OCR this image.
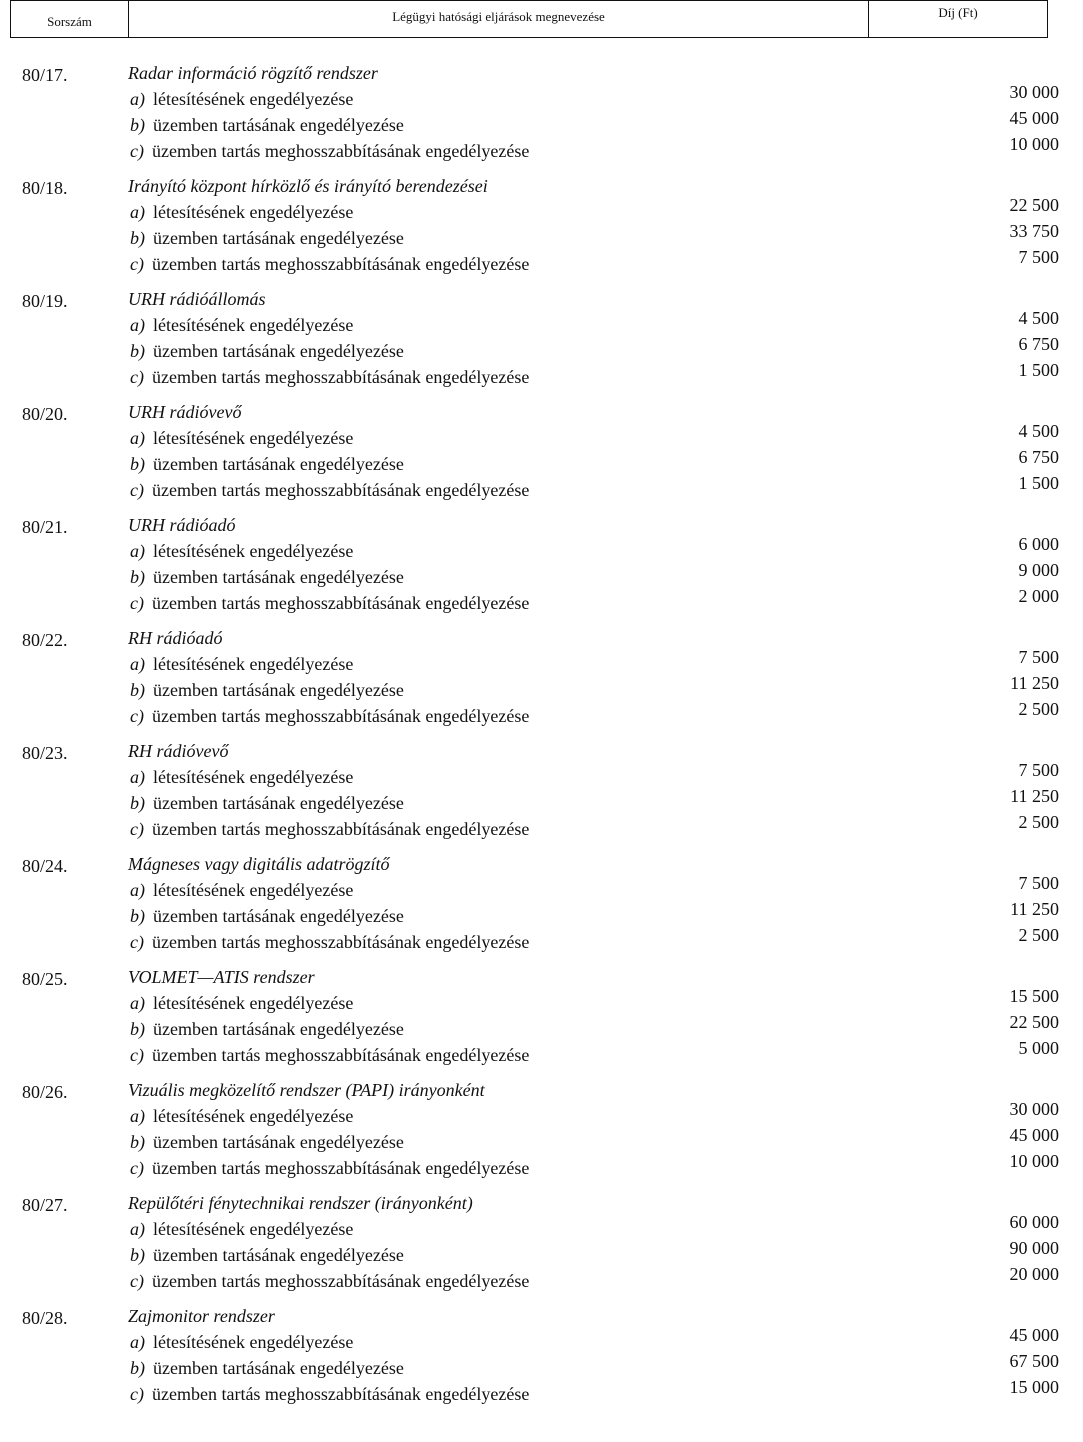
Sorszám	Légügyi hatósági eljárások megnevezése	Díj (Ft)
80/17.	Radar információ rögzítő rendszer
a) létesítésének engedélyezése	30 000
b) üzemben tartásának engedélyezése	45 000
c) üzemben tartás meghosszabbításának engedélyezése	10 000
80/18.	Irányító központ hírközlő és irányító berendezései
a) létesítésének engedélyezése	22 500
b) üzemben tartásának engedélyezése	33 750
c) üzemben tartás meghosszabbításának engedélyezése	7 500
80/19.	URH rádióállomás
a) létesítésének engedélyezése	4 500
b) üzemben tartásának engedélyezése	6 750
c) üzemben tartás meghosszabbításának engedélyezése	1 500
80/20.	URH rádióvevő
a) létesítésének engedélyezése	4 500
b) üzemben tartásának engedélyezése	6 750
c) üzemben tartás meghosszabbításának engedélyezése	1 500
80/21.	URH rádióadó
a) létesítésének engedélyezése	6 000
b) üzemben tartásának engedélyezése	9 000
c) üzemben tartás meghosszabbításának engedélyezése	2 000
80/22.	RH rádióadó
a) létesítésének engedélyezése	7 500
b) üzemben tartásának engedélyezése	11 250
c) üzemben tartás meghosszabbításának engedélyezése	2 500
80/23.	RH rádióvevő
a) létesítésének engedélyezése	7 500
b) üzemben tartásának engedélyezése	11 250
c) üzemben tartás meghosszabbításának engedélyezése	2 500
80/24.	Mágneses vagy digitális adatrögzítő
a) létesítésének engedélyezése	7 500
b) üzemben tartásának engedélyezése	11 250
c) üzemben tartás meghosszabbításának engedélyezése	2 500
80/25.	VOLMET—ATIS rendszer
a) létesítésének engedélyezése	15 500
b) üzemben tartásának engedélyezése	22 500
c) üzemben tartás meghosszabbításának engedélyezése	5 000
80/26.	Vizuális megközelítő rendszer (PAPI) irányonként
a) létesítésének engedélyezése	30 000
b) üzemben tartásának engedélyezése	45 000
c) üzemben tartás meghosszabbításának engedélyezése	10 000
80/27.	Repülőtéri fénytechnikai rendszer (irányonként)
a) létesítésének engedélyezése	60 000
b) üzemben tartásának engedélyezése	90 000
c) üzemben tartás meghosszabbításának engedélyezése	20 000
80/28.	Zajmonitor rendszer
a) létesítésének engedélyezése	45 000
b) üzemben tartásának engedélyezése	67 500
c) üzemben tartás meghosszabbításának engedélyezése	15 000
